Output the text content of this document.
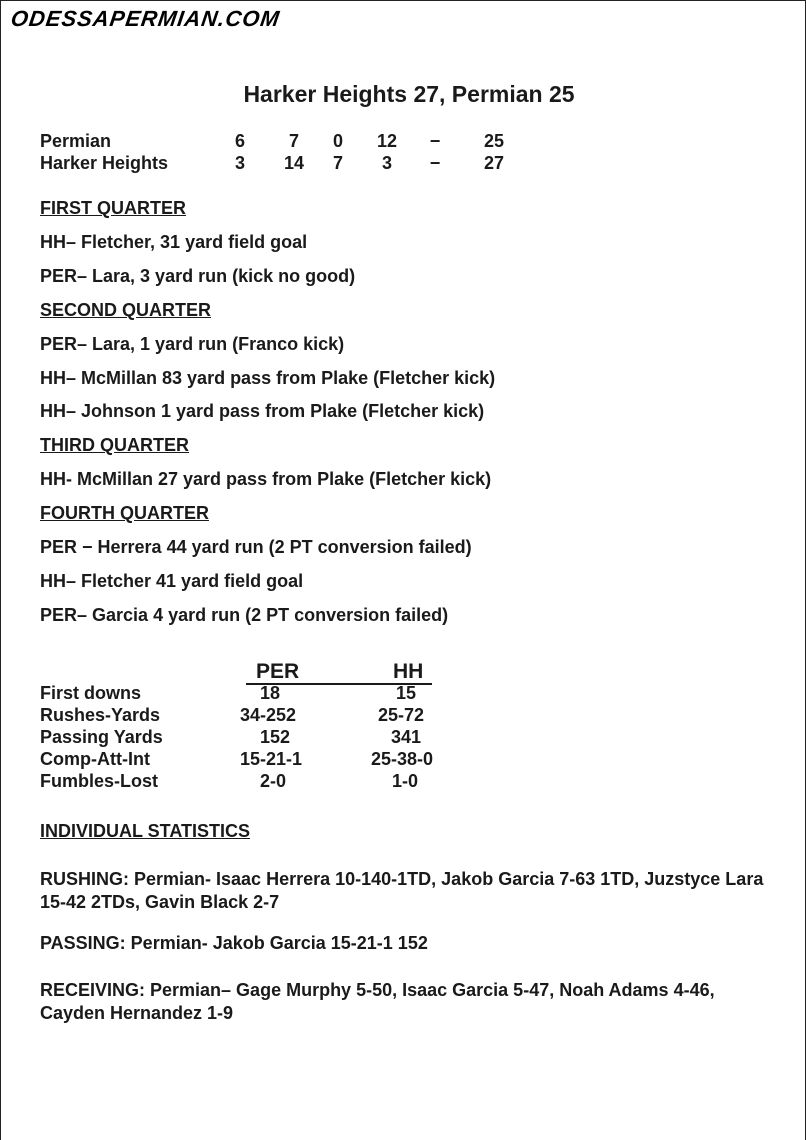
ODESSAPERMIAN.COM
Harker Heights 27, Permian 25
Permian	6	7	0	12	−	25
Harker Heights	3	14	7	3	−	27
FIRST QUARTER
HH– Fletcher, 31 yard field goal
PER– Lara, 3 yard run (kick no good)
SECOND QUARTER
PER– Lara, 1 yard run (Franco kick)
HH– McMillan 83 yard pass from Plake (Fletcher kick)
HH– Johnson 1 yard pass from Plake (Fletcher kick)
THIRD QUARTER
HH- McMillan 27 yard pass from Plake (Fletcher kick)
FOURTH QUARTER
PER − Herrera 44 yard run (2 PT conversion failed)
HH– Fletcher 41 yard field goal
PER– Garcia 4 yard run (2 PT conversion failed)
PER	HH
First downs	18	15
Rushes-Yards	34-252	25-72
Passing Yards	152	341
Comp-Att-Int	15-21-1	25-38-0
Fumbles-Lost	2-0	1-0
INDIVIDUAL STATISTICS
RUSHING: Permian- Isaac Herrera 10-140-1TD, Jakob Garcia 7-63 1TD, Juzstyce Lara 15-42 2TDs, Gavin Black 2-7
PASSING: Permian- Jakob Garcia 15-21-1 152
RECEIVING: Permian– Gage Murphy 5-50, Isaac Garcia 5-47, Noah Adams 4-46, Cayden Hernandez 1-9
